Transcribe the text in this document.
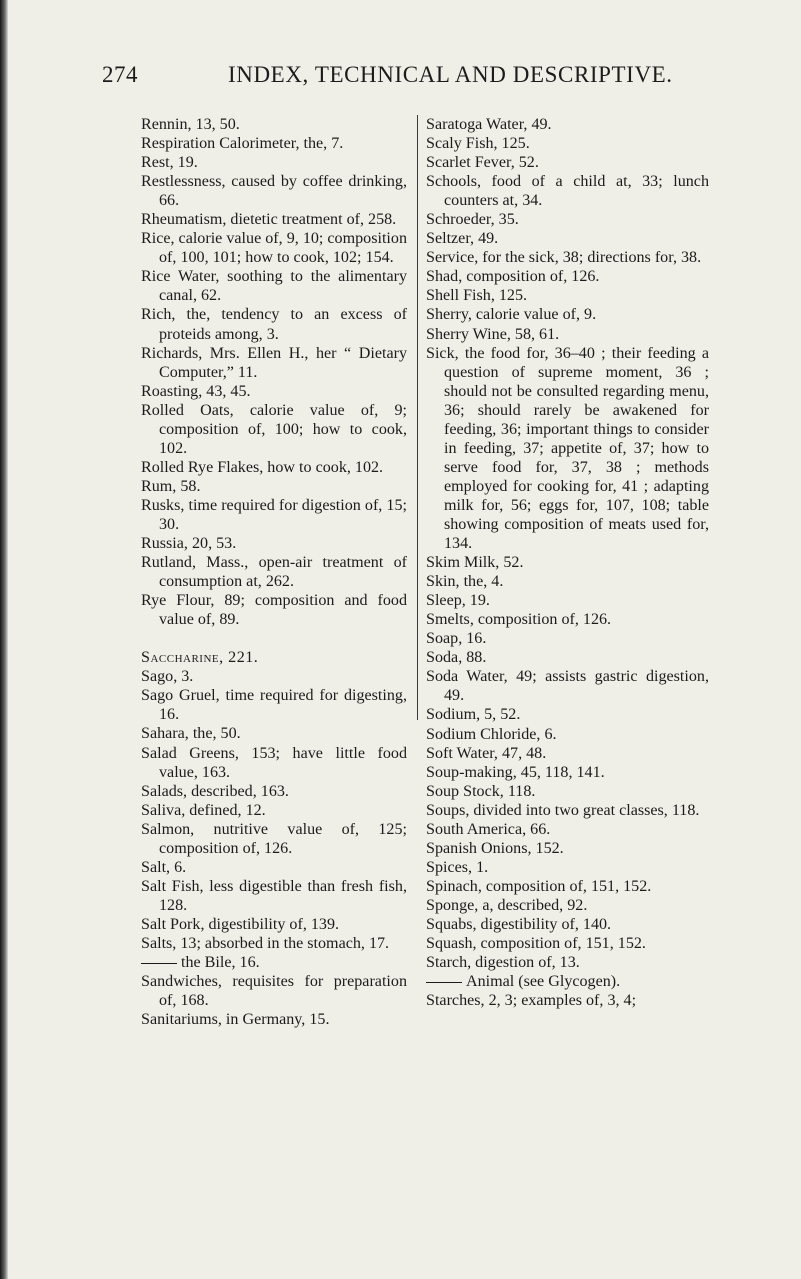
274	INDEX, TECHNICAL AND DESCRIPTIVE.

Rennin, 13, 50.

Respiration Calorimeter, the, 7.

Rest, 19.

Restlessness, caused by coffee drinking, 66.

Rheumatism, dietetic treatment of, 258.

Rice, calorie value of, 9, 10; composition of, 100, 101; how to cook, 102; 154.

Rice Water, soothing to the alimentary canal, 62.

Rich, the, tendency to an excess of proteids among, 3.

Richards, Mrs. Ellen H., her “ Dietary Computer,” 11.

Roasting, 43, 45.

Rolled Oats, calorie value of, 9; composition of, 100; how to cook, 102.

Rolled Rye Flakes, how to cook, 102.

Rum, 58.

Rusks, time required for digestion of, 15; 30.

Russia, 20, 53.

Rutland, Mass., open-air treatment of consumption at, 262.

Rye Flour, 89; composition and food value of, 89.

Saccharine, 221.

Sago, 3.

Sago Gruel, time required for digesting, 16.

Sahara, the, 50.

Salad Greens, 153; have little food value, 163.

Salads, described, 163.

Saliva, defined, 12.

Salmon, nutritive value of, 125; composition of, 126.

Salt, 6.

Salt Fish, less digestible than fresh fish, 128.

Salt Pork, digestibility of, 139.

Salts, 13; absorbed in the stomach, 17.

the Bile, 16.

Sandwiches, requisites for preparation of, 168.

Sanitariums, in Germany, 15.

Saratoga Water, 49.

Scaly Fish, 125.

Scarlet Fever, 52.

Schools, food of a child at, 33; lunch counters at, 34.

Schroeder, 35.

Seltzer, 49.

Service, for the sick, 38; directions for, 38.

Shad, composition of, 126.

Shell Fish, 125.

Sherry, calorie value of, 9.

Sherry Wine, 58, 61.

Sick, the food for, 36–40 ; their feeding a question of supreme moment, 36 ; should not be consulted regarding menu, 36; should rarely be awakened for feeding, 36; important things to consider in feeding, 37; appetite of, 37; how to serve food for, 37, 38 ; methods employed for cooking for, 41 ; adapting milk for, 56; eggs for, 107, 108; table showing composition of meats used for, 134.

Skim Milk, 52.

Skin, the, 4.

Sleep, 19.

Smelts, composition of, 126.

Soap, 16.

Soda, 88.

Soda Water, 49; assists gastric digestion, 49.

Sodium, 5, 52.

Sodium Chloride, 6.

Soft Water, 47, 48.

Soup-making, 45, 118, 141.

Soup Stock, 118.

Soups, divided into two great classes, 118.

South America, 66.

Spanish Onions, 152.

Spices, 1.

Spinach, composition of, 151, 152.

Sponge, a, described, 92.

Squabs, digestibility of, 140.

Squash, composition of, 151, 152.

Starch, digestion of, 13.

Animal (see Glycogen).

Starches, 2, 3; examples of, 3, 4;
